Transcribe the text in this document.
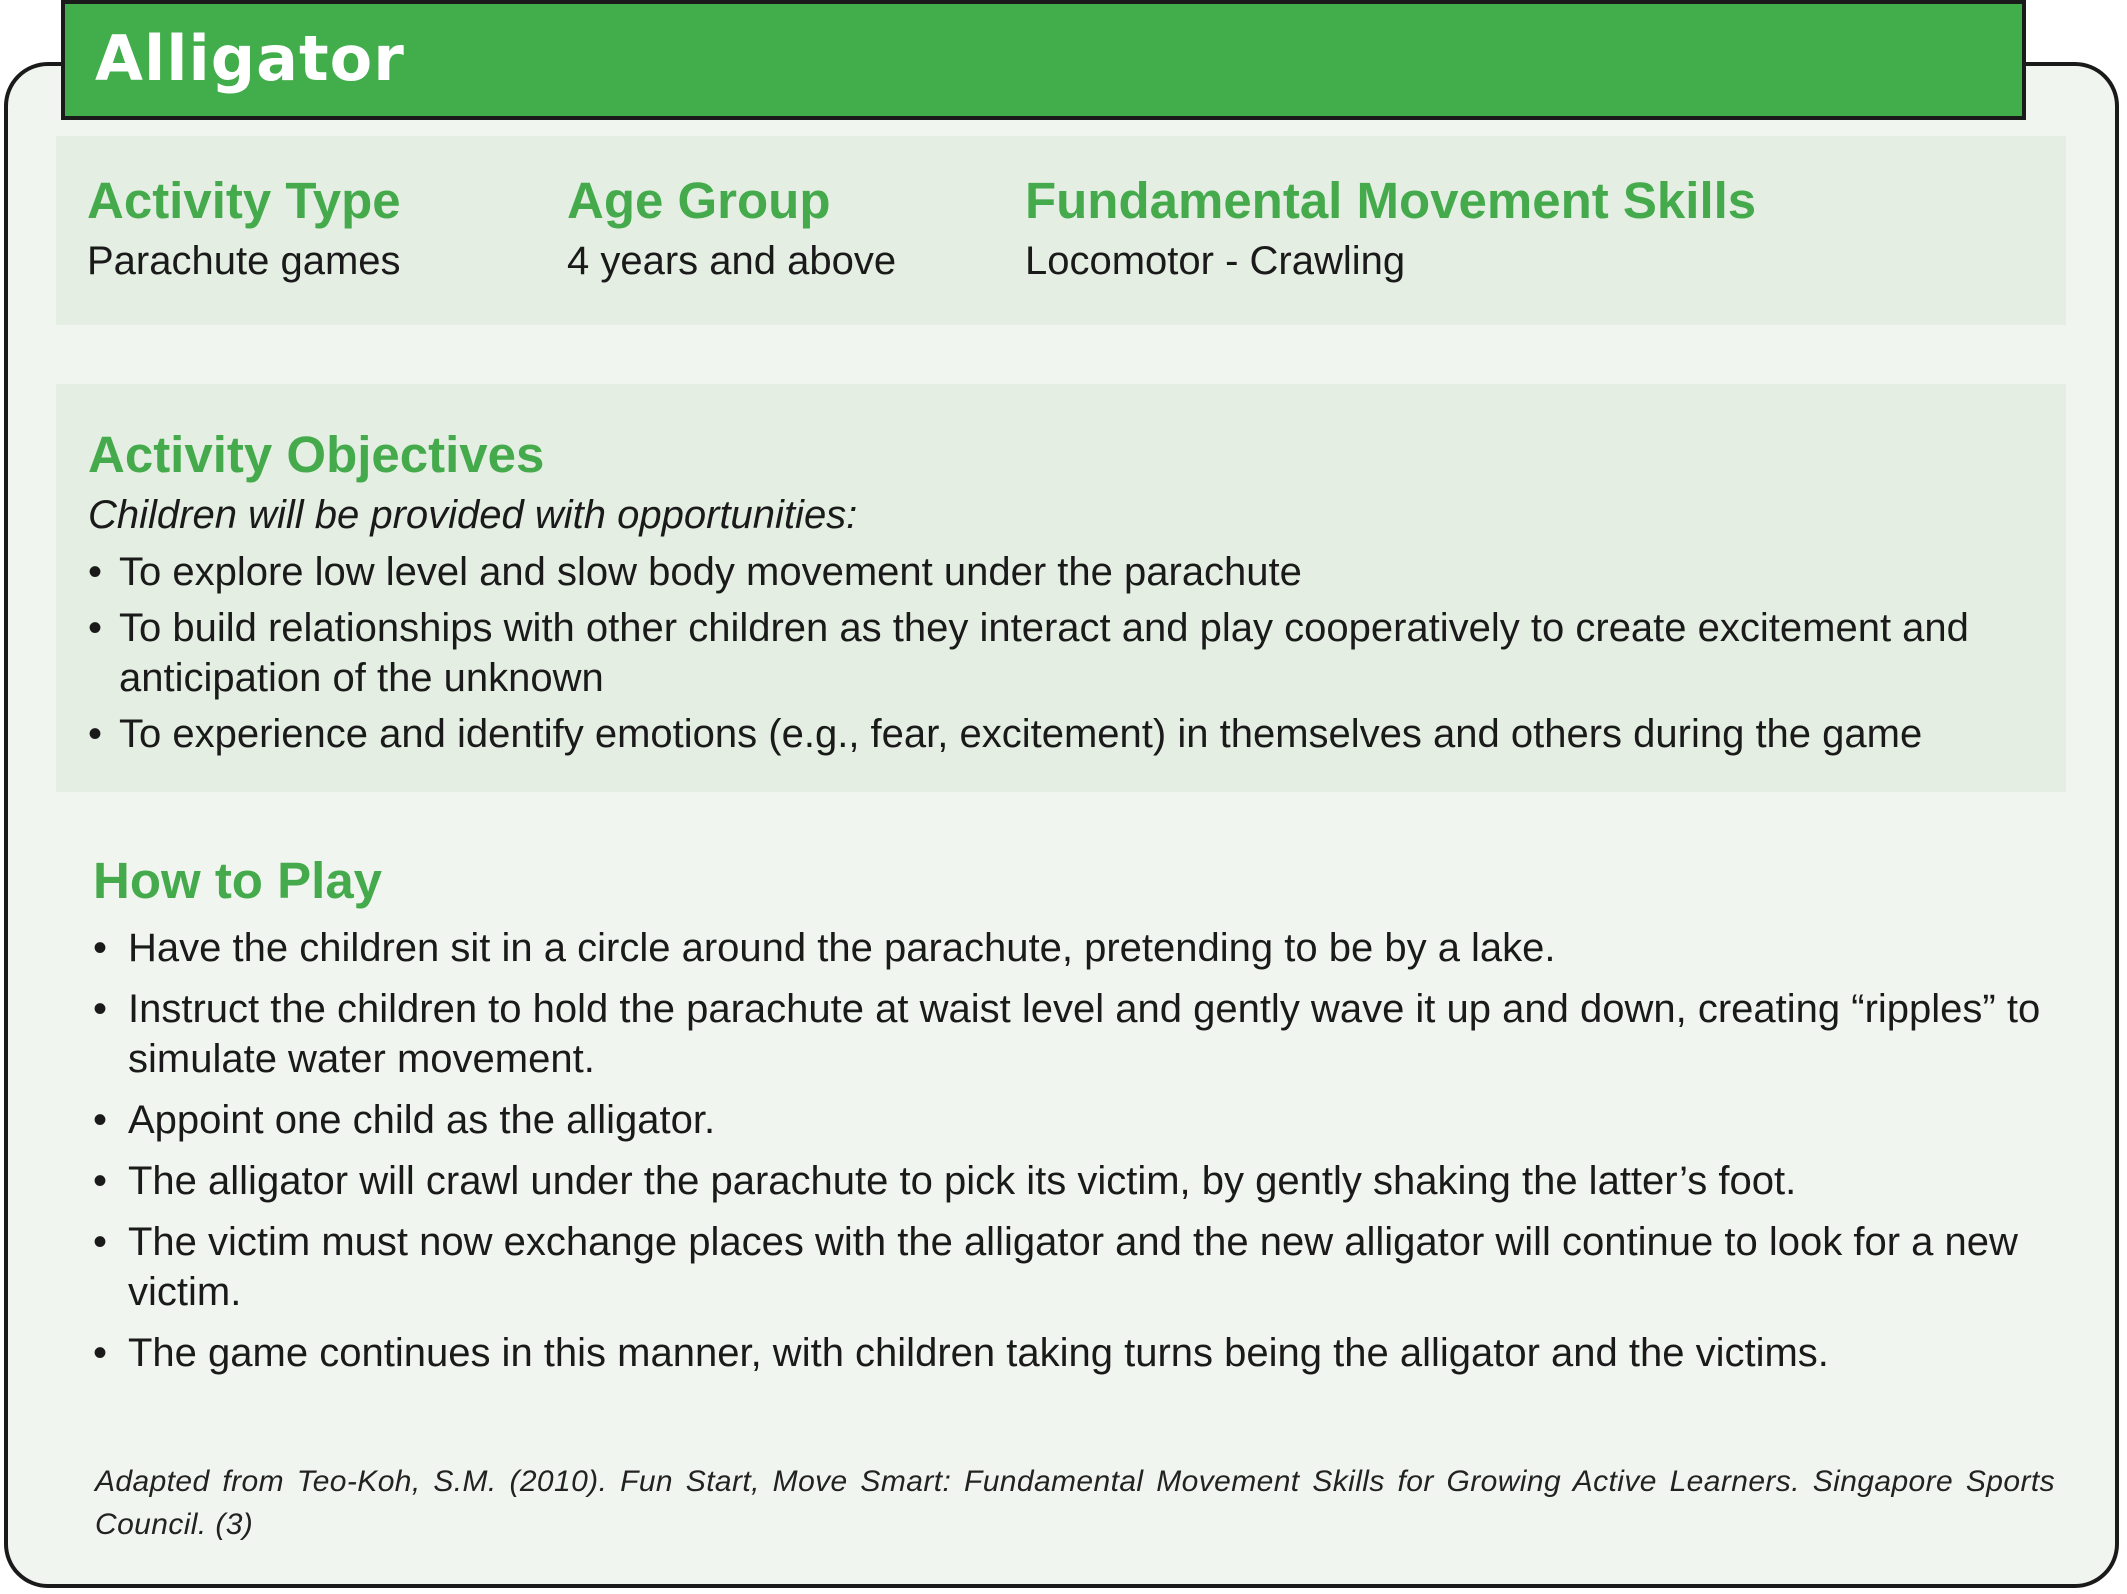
Alligator
Activity Type
Parachute games
Age Group
4 years and above
Fundamental Movement Skills
Locomotor - Crawling
Activity Objectives
Children will be provided with opportunities:
• To explore low level and slow body movement under the parachute
• To build relationships with other children as they interact and play cooperatively to create excitement and anticipation of the unknown
• To experience and identify emotions (e.g., fear, excitement) in themselves and others during the game
How to Play
• Have the children sit in a circle around the parachute, pretending to be by a lake.
• Instruct the children to hold the parachute at waist level and gently wave it up and down, creating “ripples” to simulate water movement.
• Appoint one child as the alligator.
• The alligator will crawl under the parachute to pick its victim, by gently shaking the latter’s foot.
• The victim must now exchange places with the alligator and the new alligator will continue to look for a new victim.
• The game continues in this manner, with children taking turns being the alligator and the victims.
Adapted from Teo-Koh, S.M. (2010). Fun Start, Move Smart: Fundamental Movement Skills for Growing Active Learners. Singapore Sports Council. (3)
